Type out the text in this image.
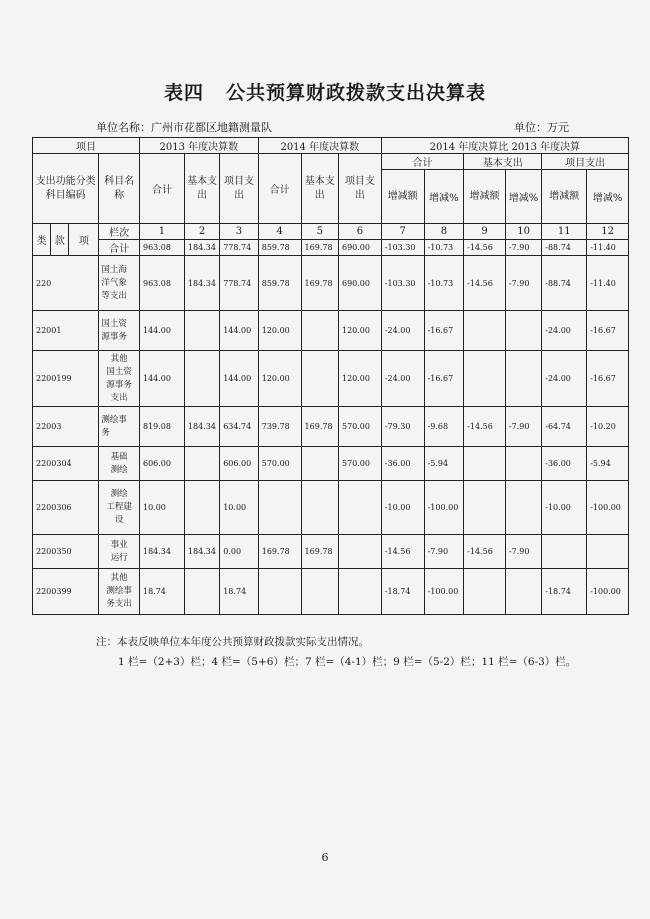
表四 公共预算财政拨款支出决算表
单位名称：广州市花都区地籍测量队	单位：万元
项目				2013 年度决算数			2014 年度决算数			2014 年度决算比 2013 年度决算					
支出功能分类科目编码			科目名称	合计	基本支出	项目支出	合计	基本支出	项目支出	合计		基本支出		项目支出	
										增减额	增减%	增减额	增减%	增减额	增减%
类	款	项	栏次	1	2	3	4	5	6	7	8	9	10	11	12
			合计	963.08	184.34	778.74	859.78	169.78	690.00	-103.30	-10.73	-14.56	-7.90	-88.74	-11.40
220			国土海
洋气象
等支出	963.08	184.34	778.74	859.78	169.78	690.00	-103.30	-10.73	-14.56	-7.90	-88.74	-11.40
22001			国土资
源事务	144.00		144.00	120.00		120.00	-24.00	-16.67			-24.00	-16.67
2200199			其他
国土资
源事务
支出	144.00		144.00	120.00		120.00	-24.00	-16.67			-24.00	-16.67
22003			测绘事
务	819.08	184.34	634.74	739.78	169.78	570.00	-79.30	-9.68	-14.56	-7.90	-64.74	-10.20
2200304			基础
测绘	606.00		606.00	570.00		570.00	-36.00	-5.94			-36.00	-5.94
2200306			测绘
工程建
设	10.00		10.00				-10.00	-100.00			-10.00	-100.00
2200350			事业
运行	184.34	184.34	0.00	169.78	169.78		-14.56	-7.90	-14.56	-7.90		
2200399			其他
测绘事
务支出	18.74		18.74				-18.74	-100.00			-18.74	-100.00
注：本表反映单位本年度公共预算财政拨款实际支出情况。
1 栏=（2+3）栏；4 栏=（5+6）栏；7 栏=（4-1）栏；9 栏=（5-2）栏；11 栏=（6-3）栏。
6
